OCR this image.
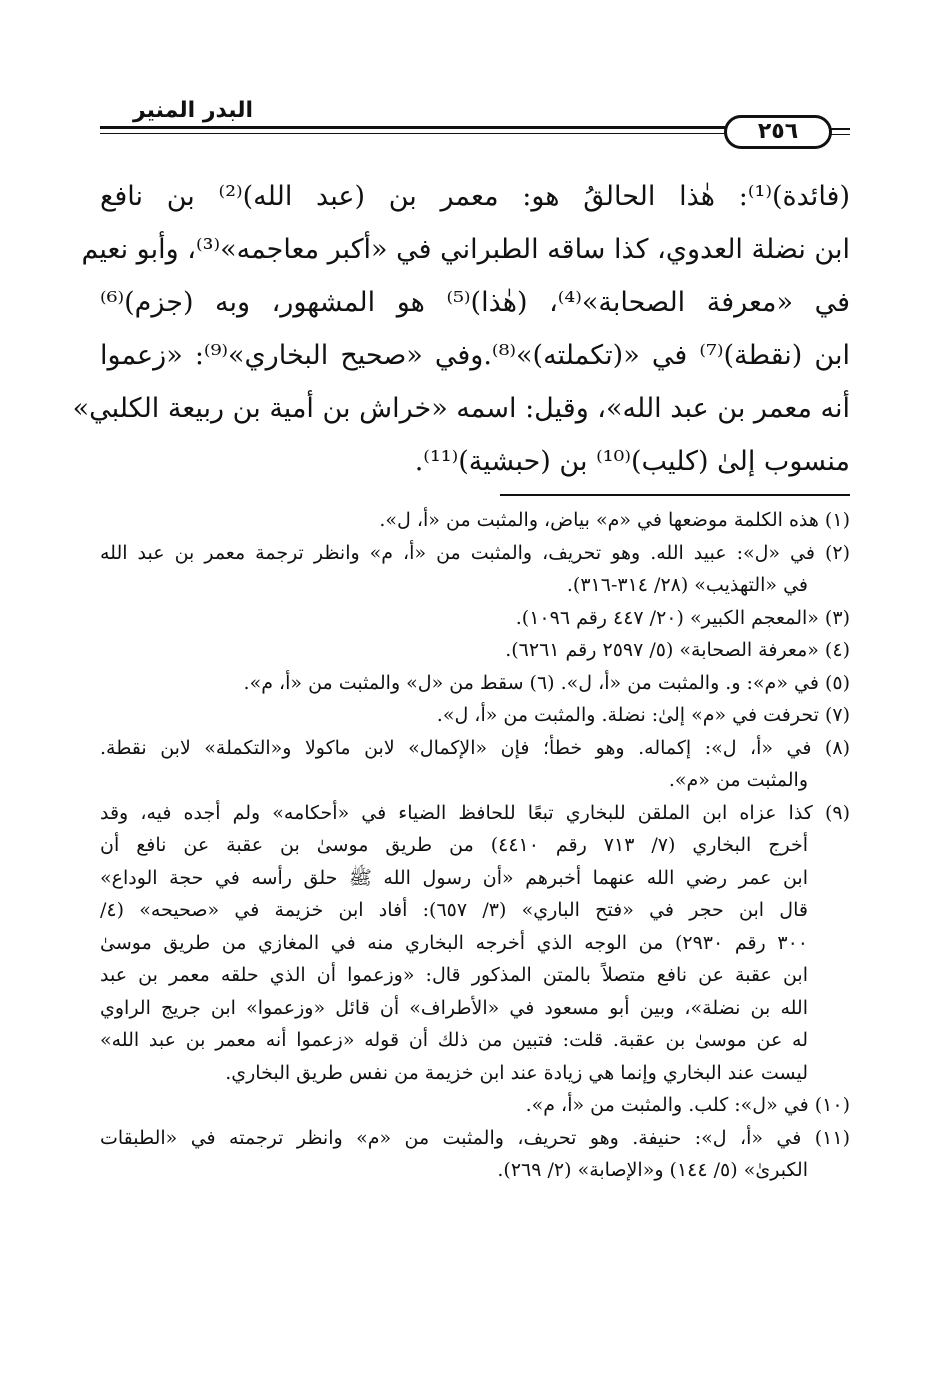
البدر المنير
٢٥٦
(فائدة)⁽¹⁾: هٰذا الحالقُ هو: معمر بن (عبد الله)⁽²⁾ بن نافع
ابن نضلة العدوي، كذا ساقه الطبراني في «أكبر معاجمه»⁽³⁾، وأبو نعيم
في «معرفة الصحابة»⁽⁴⁾، (هٰذا)⁽⁵⁾ هو المشهور، وبه (جزم)⁽⁶⁾
ابن (نقطة)⁽⁷⁾ في «(تكملته)»⁽⁸⁾.وفي «صحيح البخاري»⁽⁹⁾: «زعموا
أنه معمر بن عبد الله»، وقيل: اسمه «خراش بن أمية بن ربيعة الكلبي»
منسوب إلىٰ (كليب)⁽¹⁰⁾ بن (حبشية)⁽¹¹⁾.
(١) هذه الكلمة موضعها في «م» بياض، والمثبت من «أ، ل».
(٢) في «ل»: عبيد الله. وهو تحريف، والمثبت من «أ، م» وانظر ترجمة معمر بن عبد الله
في «التهذيب» (٢٨/ ٣١٤-٣١٦).
(٣) «المعجم الكبير» (٢٠/ ٤٤٧ رقم ١٠٩٦).
(٤) «معرفة الصحابة» (٥/ ٢٥٩٧ رقم ٦٢٦١).
(٥) في «م»: و. والمثبت من «أ، ل». (٦) سقط من «ل» والمثبت من «أ، م».
(٧) تحرفت في «م» إلىٰ: نضلة. والمثبت من «أ، ل».
(٨) في «أ، ل»: إكماله. وهو خطأ؛ فإن «الإكمال» لابن ماكولا و«التكملة» لابن نقطة.
والمثبت من «م».
(٩) كذا عزاه ابن الملقن للبخاري تبعًا للحافظ الضياء في «أحكامه» ولم أجده فيه، وقد
أخرج البخاري (٧/ ٧١٣ رقم ٤٤١٠) من طريق موسىٰ بن عقبة عن نافع أن
ابن عمر رضي الله عنهما أخبرهم «أن رسول الله ﷺ حلق رأسه في حجة الوداع»
قال ابن حجر في «فتح الباري» (٣/ ٦٥٧): أفاد ابن خزيمة في «صحيحه» (٤/
٣٠٠ رقم ٢٩٣٠) من الوجه الذي أخرجه البخاري منه في المغازي من طريق موسىٰ
ابن عقبة عن نافع متصلاً بالمتن المذكور قال: «وزعموا أن الذي حلقه معمر بن عبد
الله بن نضلة»، وبين أبو مسعود في «الأطراف» أن قائل «وزعموا» ابن جريج الراوي
له عن موسىٰ بن عقبة. قلت: فتبين من ذلك أن قوله «زعموا أنه معمر بن عبد الله»
ليست عند البخاري وإنما هي زيادة عند ابن خزيمة من نفس طريق البخاري.
(١٠) في «ل»: كلب. والمثبت من «أ، م».
(١١) في «أ، ل»: حنيفة. وهو تحريف، والمثبت من «م» وانظر ترجمته في «الطبقات
الكبرىٰ» (٥/ ١٤٤) و«الإصابة» (٢/ ٢٦٩).
